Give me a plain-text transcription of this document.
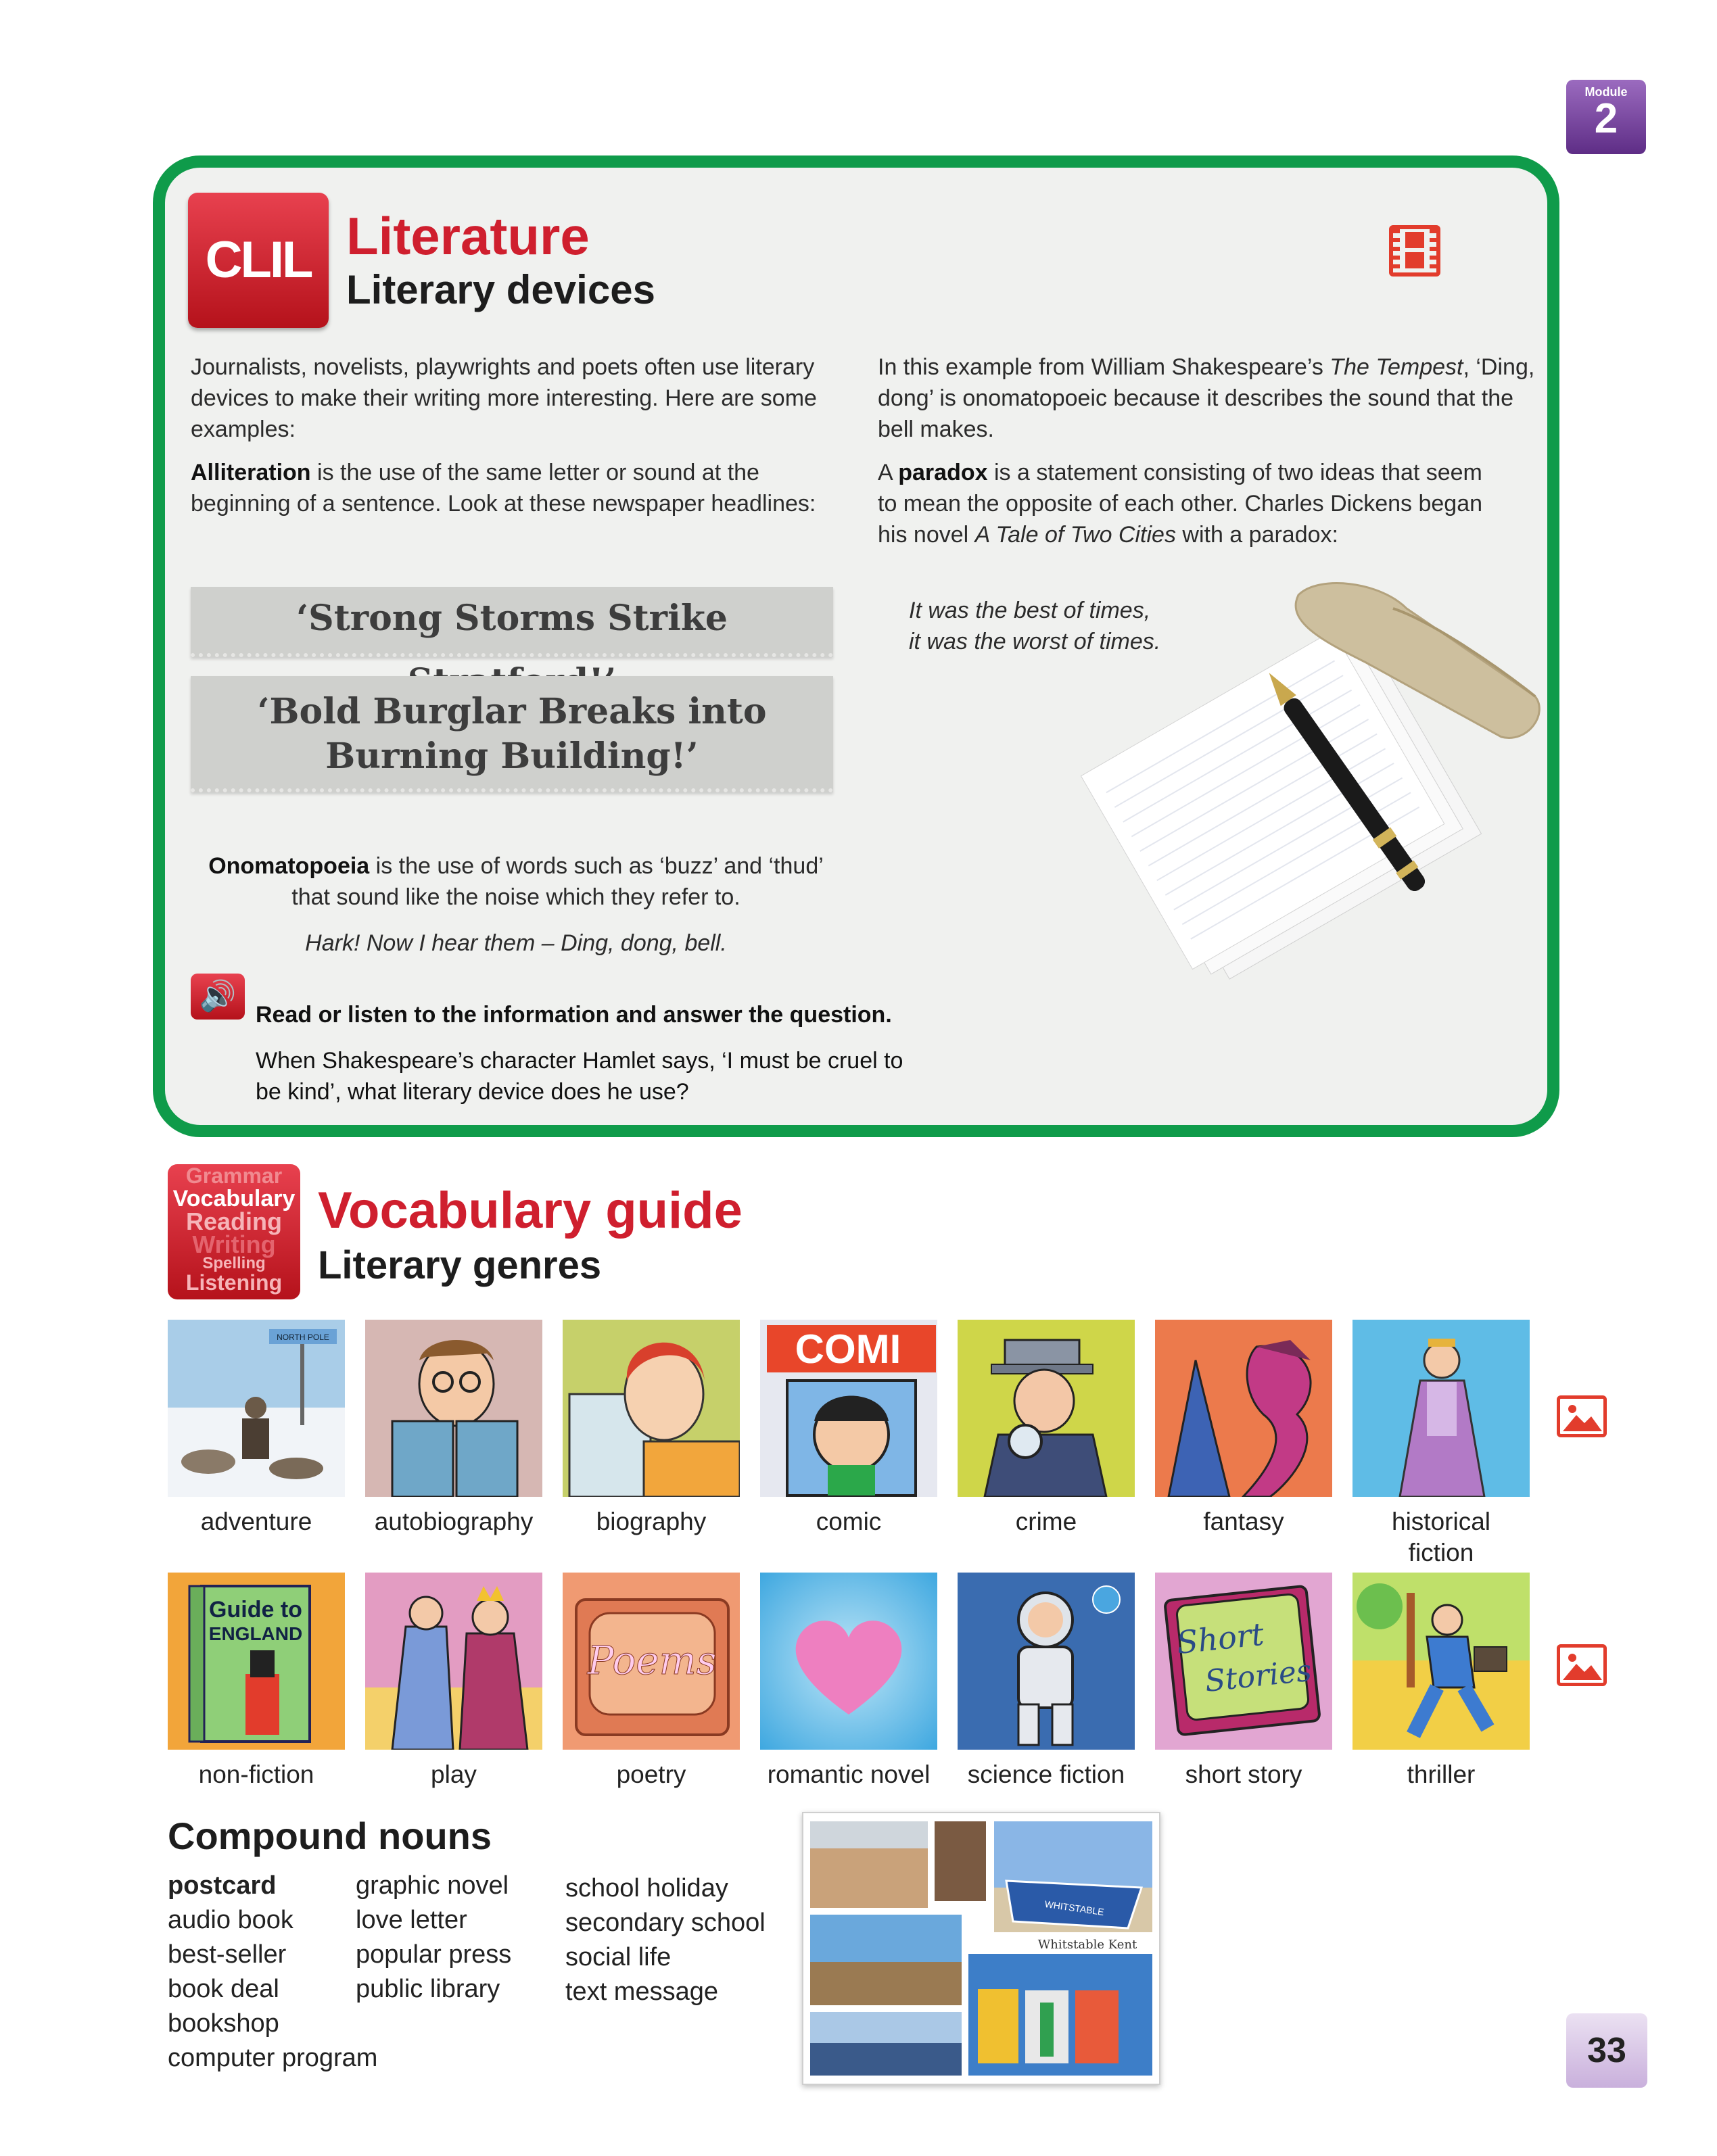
Module
2
CLIL Literature
Literary devices
Journalists, novelists, playwrights and poets often use literary devices to make their writing more interesting. Here are some examples:
Alliteration is the use of the same letter or sound at the beginning of a sentence. Look at these newspaper headlines:
‘Strong Storms Strike
‘Bold Burglar Breaks into Burning Building!’
Onomatopoeia is the use of words such as ‘buzz’ and ‘thud’ that sound like the noise which they refer to.
Hark! Now I hear them – Ding, dong, bell.
In this example from William Shakespeare’s The Tempest, ‘Ding, dong’ is onomatopoeic because it describes the sound that the bell makes.
A paradox is a statement consisting of two ideas that seem to mean the opposite of each other. Charles Dickens began his novel A Tale of Two Cities with a paradox:
It was the best of times,
it was the worst of times.
🔊
Read or listen to the information and answer the question.
When Shakespeare’s character Hamlet says, ‘I must be cruel to be kind’, what literary device does he use?
Grammar
Vocabulary
Reading
Writing
Spelling
Listening
Vocabulary guide
Literary genres
NORTH POLE	COMI
adventure	autobiography	biography	comic	crime	fantasy	historical fiction
Guide to
ENGLAND
Poems	Short
Stories
non-fiction	play	poetry	romantic novel	science fiction	short story	thriller
Compound nouns
postcard
audio book
best-seller
book deal
bookshop
computer program
graphic novel
love letter
popular press
public library
school holiday
secondary school
social life
text message
WHITSTABLE
Whitstable Kent
33
